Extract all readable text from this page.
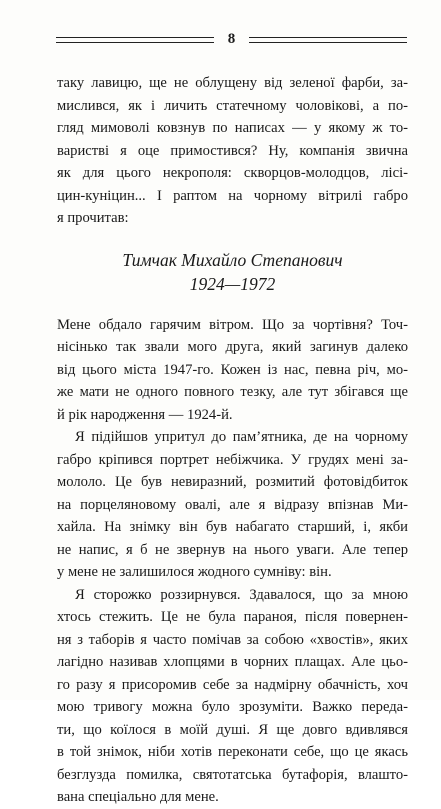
8

таку лавицю, ще не облущену від зеленої фарби, за-
мислився, як і личить статечному чоловікові, а по-
гляд мимоволі ковзнув по написах — у якому ж то-
варистві я оце примостився? Ну, компанія звична
як для цього некрополя: скворцов-молодцов, лісі-
цин-куніцин... І раптом на чорному вітрилі габро
я прочитав:

Тимчак Михайло Степанович
1924—1972

Мене обдало гарячим вітром. Що за чортівня? Точ-
нісінько так звали мого друга, який загинув далеко
від цього міста 1947-го. Кожен із нас, певна річ, мо-
же мати не одного повного тезку, але тут збігався ще
й рік народження — 1924-й.

Я підійшов упритул до пам’ятника, де на чорному
габро кріпився портрет небіжчика. У грудях мені за-
мололо. Це був невиразний, розмитий фотовідбиток
на порцеляновому овалі, але я відразу впізнав Ми-
хайла. На знімку він був набагато старший, і, якби
не напис, я б не звернув на нього уваги. Але тепер
у мене не залишилося жодного сумніву: він.

Я сторожко роззирнувся. Здавалося, що за мною
хтось стежить. Це не була параноя, після повернен-
ня з таборів я часто помічав за собою «хвостів», яких
лагідно називав хлопцями в чорних плащах. Але цьо-
го разу я присоромив себе за надмірну обачність, хоч
мою тривогу можна було зрозуміти. Важко переда-
ти, що коїлося в моїй душі. Я ще довго вдивлявся
в той знімок, ніби хотів переконати себе, що це якась
безглузда помилка, святотатська бутафорія, влашто-
вана спеціально для мене.
